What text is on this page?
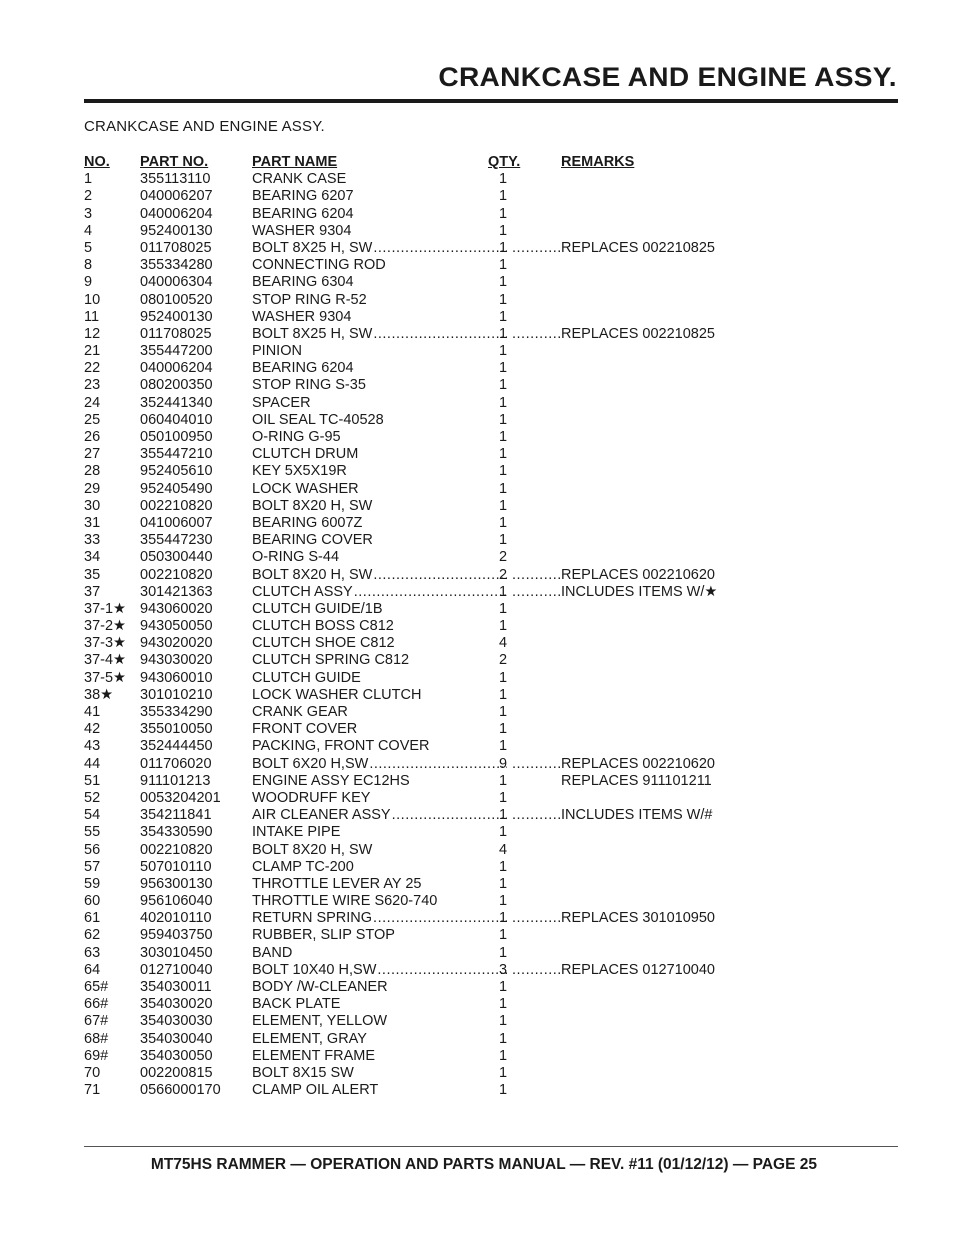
CRANKCASE AND ENGINE ASSY.
CRANKCASE AND ENGINE ASSY.
NO. PART NO.	PART NAME	QTY.	REMARKS
1	355113110	CRANK CASE	1
2	040006207	BEARING 6207	1
3	040006204	BEARING 6204	1
4	952400130	WASHER 9304	1
5	011708025	BOLT 8X25 H, SW ..... .....	1	REPLACES 002210825
8	355334280	CONNECTING ROD	1
9	040006304	BEARING 6304	1
10	080100520	STOP RING R-52	1
11	952400130	WASHER 9304	1
12	011708025	BOLT 8X25 H, SW ..... .....	1	REPLACES 002210825
21	355447200	PINION	1
22	040006204	BEARING 6204	1
23	080200350	STOP RING S-35	1
24	352441340	SPACER	1
25	060404010	OIL SEAL TC-40528	1
26	050100950	O-RING G-95	1
27	355447210	CLUTCH DRUM	1
28	952405610	KEY 5X5X19R	1
29	952405490	LOCK WASHER	1
30	002210820	BOLT 8X20 H, SW	1
31	041006007	BEARING 6007Z	1
33	355447230	BEARING COVER	1
34	050300440	O-RING S-44	2
35	002210820	BOLT 8X20 H, SW ..... .....	2	REPLACES 002210620
37	301421363	CLUTCH ASSY ..... .....	1	INCLUDES ITEMS W/★
37-1★ 943060020	CLUTCH GUIDE/1B	1
37-2★ 943050050	CLUTCH BOSS C812	1
37-3★ 943020020	CLUTCH SHOE C812	4
37-4★ 943030020	CLUTCH SPRING C812	2
37-5★ 943060010	CLUTCH GUIDE	1
38★ 301010210	LOCK WASHER CLUTCH	1
41	355334290	CRANK GEAR	1
42	355010050	FRONT COVER	1
43	352444450	PACKING, FRONT COVER	1
44	011706020	BOLT 6X20 H,SW ..... .....	9	REPLACES 002210620
51	911101213	ENGINE ASSY EC12HS	1	REPLACES 911101211
52	0053204201 WOODRUFF KEY	1
54	354211841	AIR CLEANER ASSY ..... .....	1	INCLUDES ITEMS W/#
55	354330590	INTAKE PIPE	1
56	002210820	BOLT 8X20 H, SW	4
57	507010110	CLAMP TC-200	1
59	956300130	THROTTLE LEVER AY 25	1
60	956106040	THROTTLE WIRE S620-740	1
61	402010110	RETURN SPRING ..... .....	1	REPLACES 301010950
62	959403750	RUBBER, SLIP STOP	1
63	303010450	BAND	1
64	012710040	BOLT 10X40 H,SW ..... .....	3	REPLACES 012710040
65# 354030011	BODY /W-CLEANER	1
66# 354030020	BACK PLATE	1
67# 354030030	ELEMENT, YELLOW	1
68# 354030040	ELEMENT, GRAY	1
69# 354030050	ELEMENT FRAME	1
70	002200815	BOLT 8X15 SW	1
71	0566000170 CLAMP OIL ALERT	1
MT75HS RAMMER — OPERATION AND PARTS MANUAL — REV. #11 (01/12/12) — PAGE 25
